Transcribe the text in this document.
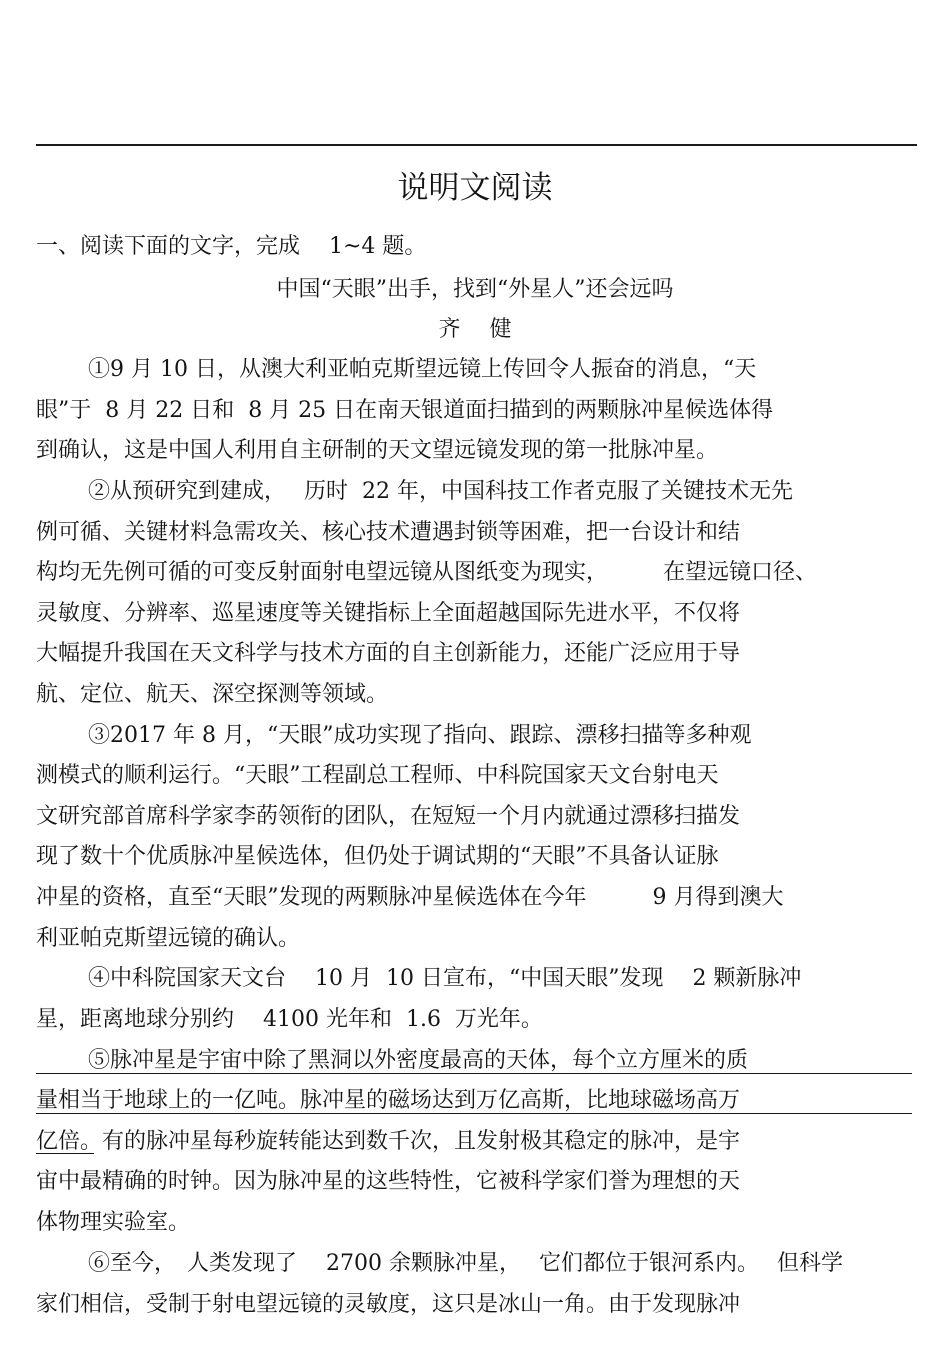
说明文阅读
一、阅读下面的文字，完成　 1~4 题。
中国“天眼”出手，找到“外星人”还会远吗
齐　 健
①9 月 10 日，从澳大利亚帕克斯望远镜上传回令人振奋的消息，“天
眼”于  8 月 22 日和  8 月 25 日在南天银道面扫描到的两颗脉冲星候选体得
到确认，这是中国人利用自主研制的天文望远镜发现的第一批脉冲星。
②从预研究到建成，　 历时  22 年，中国科技工作者克服了关键技术无先
例可循、关键材料急需攻关、核心技术遭遇封锁等困难，把一台设计和结
构均无先例可循的可变反射面射电望远镜从图纸变为现实，　　　在望远镜口径、
灵敏度、分辨率、巡星速度等关键指标上全面超越国际先进水平，不仅将
大幅提升我国在天文科学与技术方面的自主创新能力，还能广泛应用于导
航、定位、航天、深空探测等领域。
③2017 年 8 月，“天眼”成功实现了指向、跟踪、漂移扫描等多种观
测模式的顺利运行。“天眼”工程副总工程师、中科院国家天文台射电天
文研究部首席科学家李菂领衔的团队，在短短一个月内就通过漂移扫描发
现了数十个优质脉冲星候选体，但仍处于调试期的“天眼”不具备认证脉
冲星的资格，直至“天眼”发现的两颗脉冲星候选体在今年　　　9 月得到澳大
利亚帕克斯望远镜的确认。
④中科院国家天文台　 10 月  10 日宣布，“中国天眼”发现　 2 颗新脉冲
星，距离地球分别约　 4100 光年和  1.6  万光年。
⑤脉冲星是宇宙中除了黑洞以外密度最高的天体，每个立方厘米的质
量相当于地球上的一亿吨。脉冲星的磁场达到万亿高斯，比地球磁场高万
亿倍。有的脉冲星每秒旋转能达到数千次，且发射极其稳定的脉冲，是宇
宙中最精确的时钟。因为脉冲星的这些特性，它被科学家们誉为理想的天
体物理实验室。
⑥至今，　人类发现了　 2700 余颗脉冲星，　 它们都位于银河系内。　 但科学
家们相信，受制于射电望远镜的灵敏度，这只是冰山一角。由于发现脉冲
